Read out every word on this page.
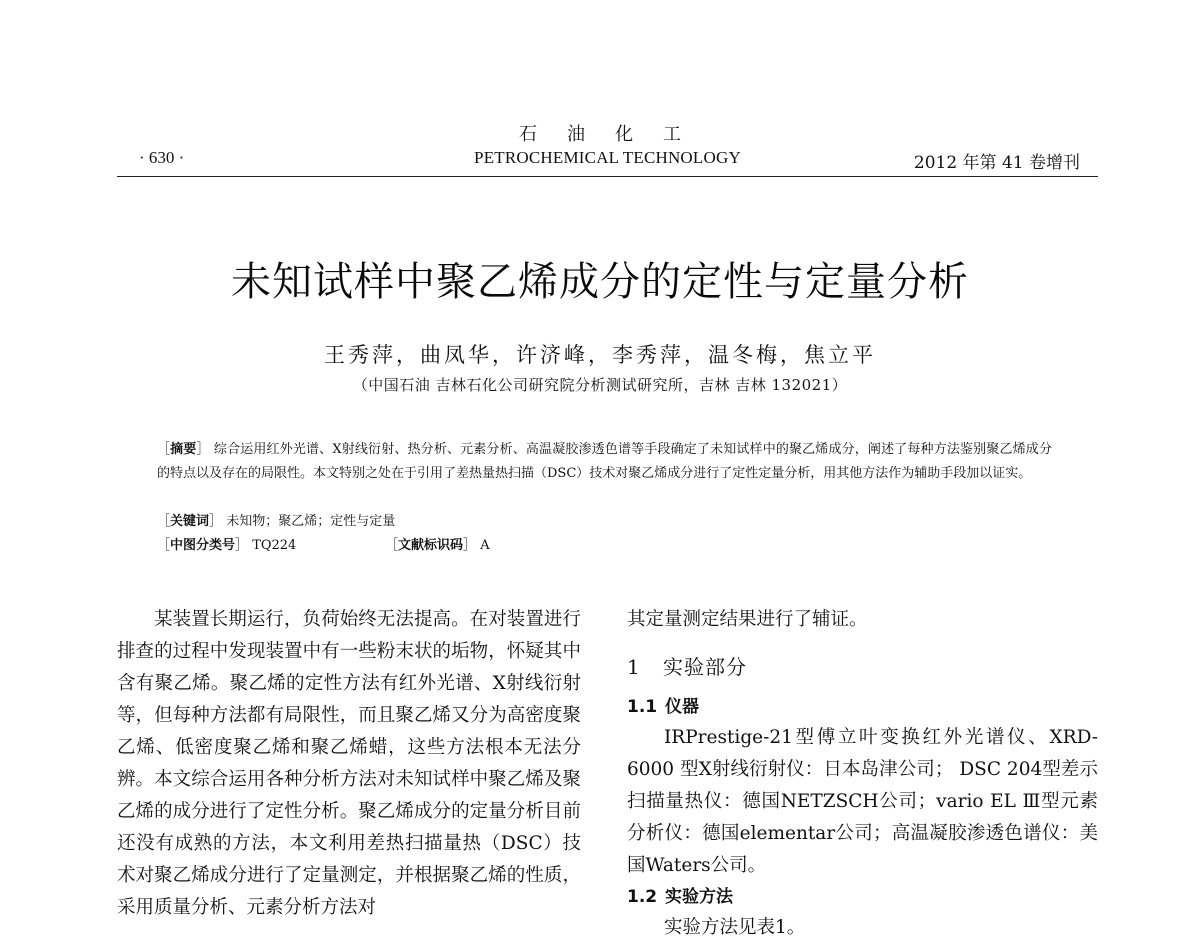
石油化工
· 630 ·	PETROCHEMICAL TECHNOLOGY	2012 年第 41 卷增刊
未知试样中聚乙烯成分的定性与定量分析
王秀萍，曲凤华，许济峰，李秀萍，温冬梅，焦立平
（中国石油 吉林石化公司研究院分析测试研究所，吉林 吉林 132021）

［摘要］ 综合运用红外光谱、X射线衍射、热分析、元素分析、高温凝胶渗透色谱等手段确定了未知试样中的聚乙烯成分，阐述了每种方法鉴别聚乙烯成分的特点以及存在的局限性。本文特别之处在于引用了差热量热扫描（DSC）技术对聚乙烯成分进行了定性定量分析，用其他方法作为辅助手段加以证实。

［关键词］ 未知物；聚乙烯；定性与定量
［中图分类号］ TQ224	［文献标识码］ A

某装置长期运行，负荷始终无法提高。在对装置进行排查的过程中发现装置中有一些粉末状的垢物，怀疑其中含有聚乙烯。聚乙烯的定性方法有红外光谱、X射线衍射等，但每种方法都有局限性，而且聚乙烯又分为高密度聚乙烯、低密度聚乙烯和聚乙烯蜡，这些方法根本无法分辨。本文综合运用各种分析方法对未知试样中聚乙烯及聚乙烯的成分进行了定性分析。聚乙烯成分的定量分析目前还没有成熟的方法，本文利用差热扫描量热（DSC）技术对聚乙烯成分进行了定量测定，并根据聚乙烯的性质，采用质量分析、元素分析方法对

其定量测定结果进行了辅证。

1 实验部分

1.1 仪器

IRPrestige-21型傅立叶变换红外光谱仪、XRD-6000 型X射线衍射仪：日本岛津公司； DSC 204型差示扫描量热仪：德国NETZSCH公司；vario EL Ⅲ型元素分析仪：德国elementar公司；高温凝胶渗透色谱仪：美国Waters公司。

1.2 实验方法

实验方法见表1。
